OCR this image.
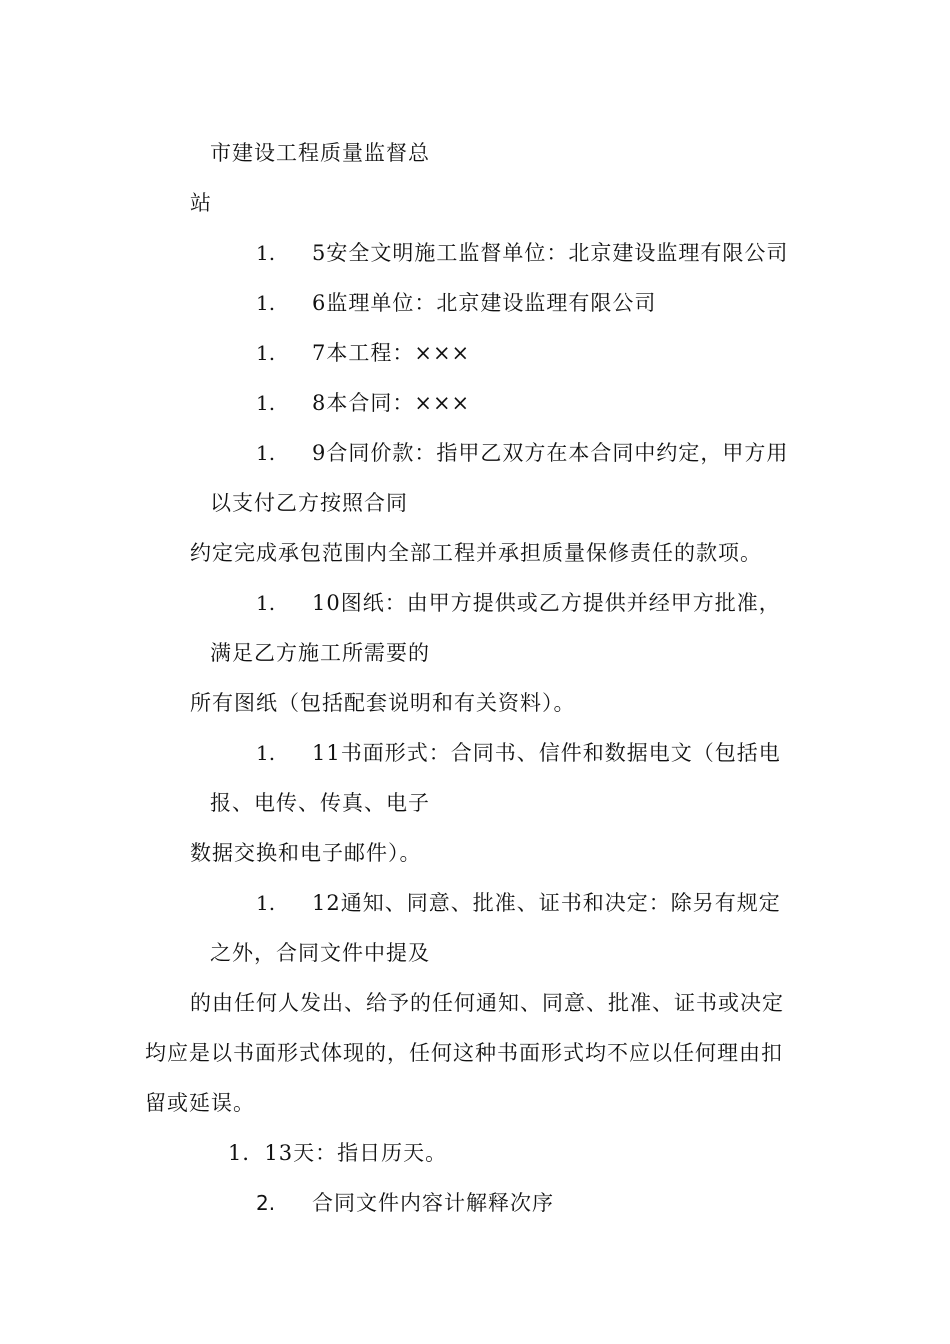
市建设工程质量监督总
站
1. 5安全文明施工监督单位：北京建设监理有限公司
1. 6监理单位：北京建设监理有限公司
1. 7本工程：×××
1. 8本合同：×××
1. 9合同价款：指甲乙双方在本合同中约定，甲方用
以支付乙方按照合同
约定完成承包范围内全部工程并承担质量保修责任的款项。
1. 10图纸：由甲方提供或乙方提供并经甲方批准，
满足乙方施工所需要的
所有图纸（包括配套说明和有关资料）。
1. 11书面形式：合同书、信件和数据电文（包括电
报、电传、传真、电子
数据交换和电子邮件）。
1. 12通知、同意、批准、证书和决定：除另有规定
之外，合同文件中提及
的由任何人发出、给予的任何通知、同意、批准、证书或决定
均应是以书面形式体现的，任何这种书面形式均不应以任何理由扣
留或延误。
1．13天：指日历天。
2. 合同文件内容计解释次序
